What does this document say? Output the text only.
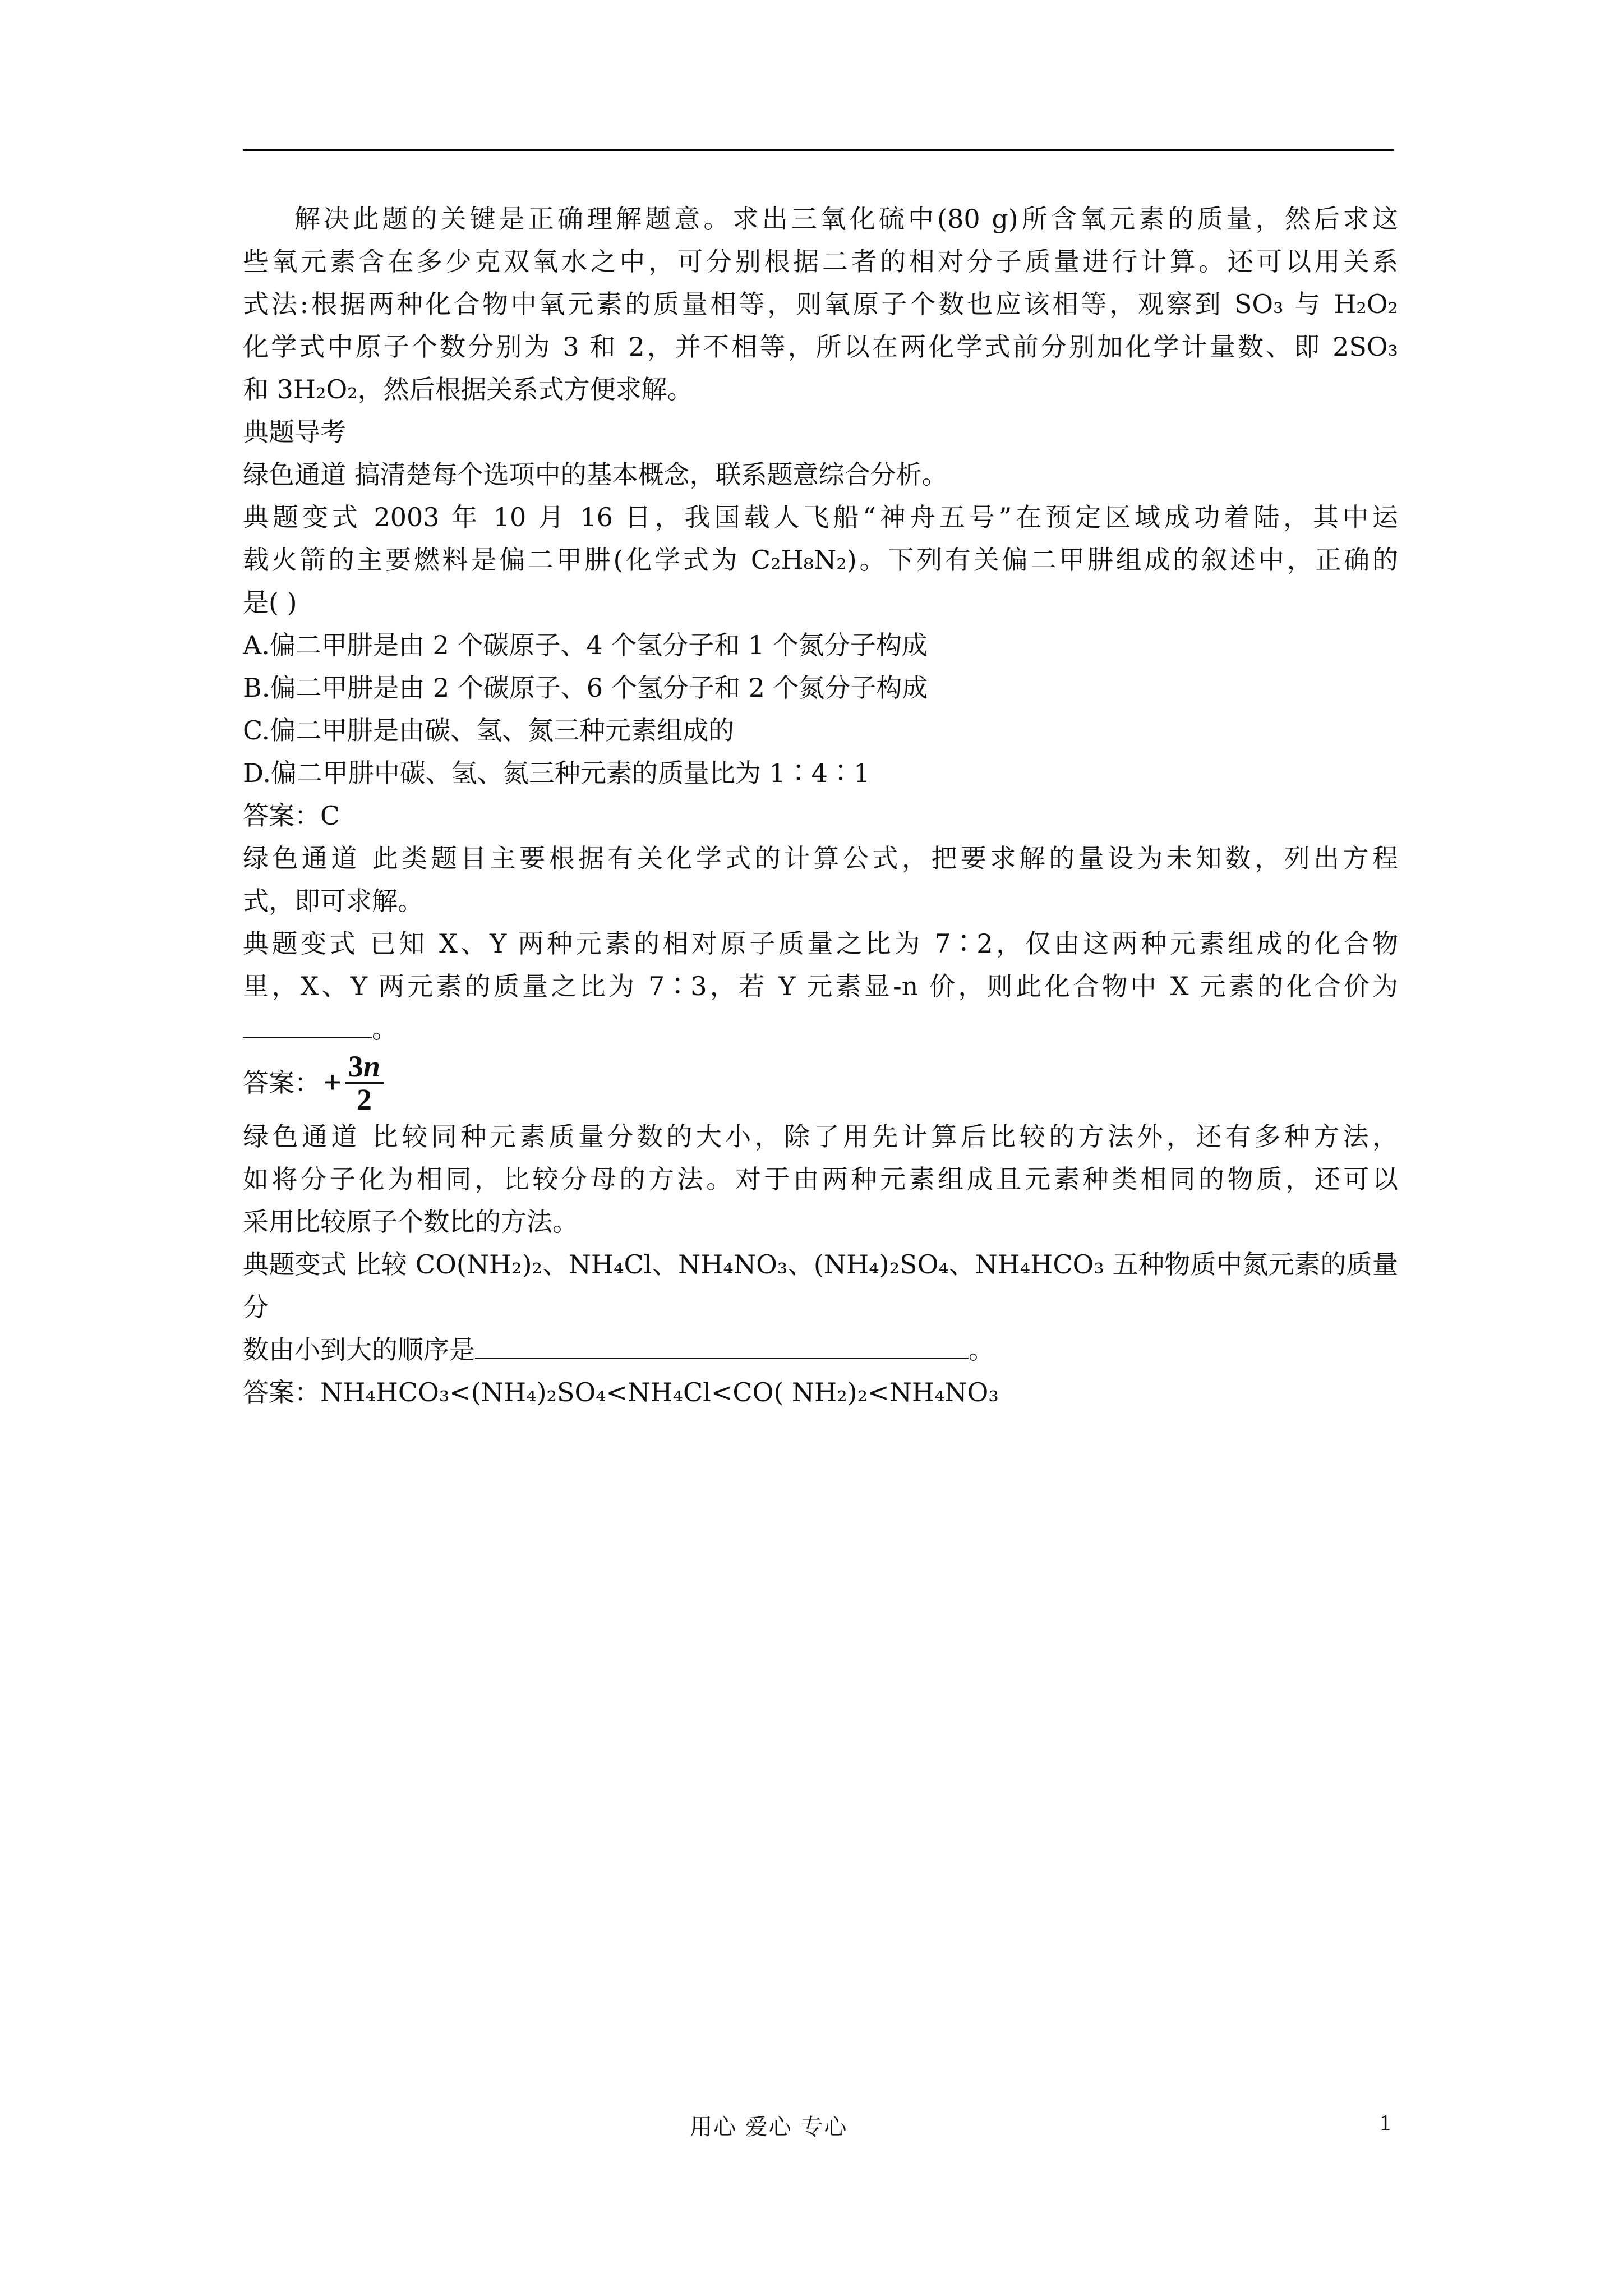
解决此题的关键是正确理解题意。求出三氧化硫中(80 g)所含氧元素的质量，然后求这
些氧元素含在多少克双氧水之中，可分别根据二者的相对分子质量进行计算。还可以用关系
式法:根据两种化合物中氧元素的质量相等，则氧原子个数也应该相等，观察到 SO₃ 与 H₂O₂
化学式中原子个数分别为 3 和 2，并不相等，所以在两化学式前分别加化学计量数、即 2SO₃
和 3H₂O₂，然后根据关系式方便求解。
典题导考
绿色通道 搞清楚每个选项中的基本概念，联系题意综合分析。
典题变式 2003 年 10 月 16 日，我国载人飞船“神舟五号”在预定区域成功着陆，其中运
载火箭的主要燃料是偏二甲肼(化学式为 C₂H₈N₂)。下列有关偏二甲肼组成的叙述中，正确的
是( )
A.偏二甲肼是由 2 个碳原子、4 个氢分子和 1 个氮分子构成
B.偏二甲肼是由 2 个碳原子、6 个氢分子和 2 个氮分子构成
C.偏二甲肼是由碳、氢、氮三种元素组成的
D.偏二甲肼中碳、氢、氮三种元素的质量比为 1∶4∶1
答案：C
绿色通道 此类题目主要根据有关化学式的计算公式，把要求解的量设为未知数，列出方程
式，即可求解。
典题变式 已知 X、Y 两种元素的相对原子质量之比为 7∶2，仅由这两种元素组成的化合物
里，X、Y 两元素的质量之比为 7∶3，若 Y 元素显-n 价，则此化合物中 X 元素的化合价为
。
答案： + $\frac{3n}{2}$
绿色通道 比较同种元素质量分数的大小，除了用先计算后比较的方法外，还有多种方法，
如将分子化为相同，比较分母的方法。对于由两种元素组成且元素种类相同的物质，还可以
采用比较原子个数比的方法。
典题变式 比较 CO(NH₂)₂、NH₄Cl、NH₄NO₃、(NH₄)₂SO₄、NH₄HCO₃ 五种物质中氮元素的质量分
数由小到大的顺序是	。
答案：NH₄HCO₃<(NH₄)₂SO₄<NH₄Cl<CO( NH₂)₂<NH₄NO₃
用心 爱心 专心	1
